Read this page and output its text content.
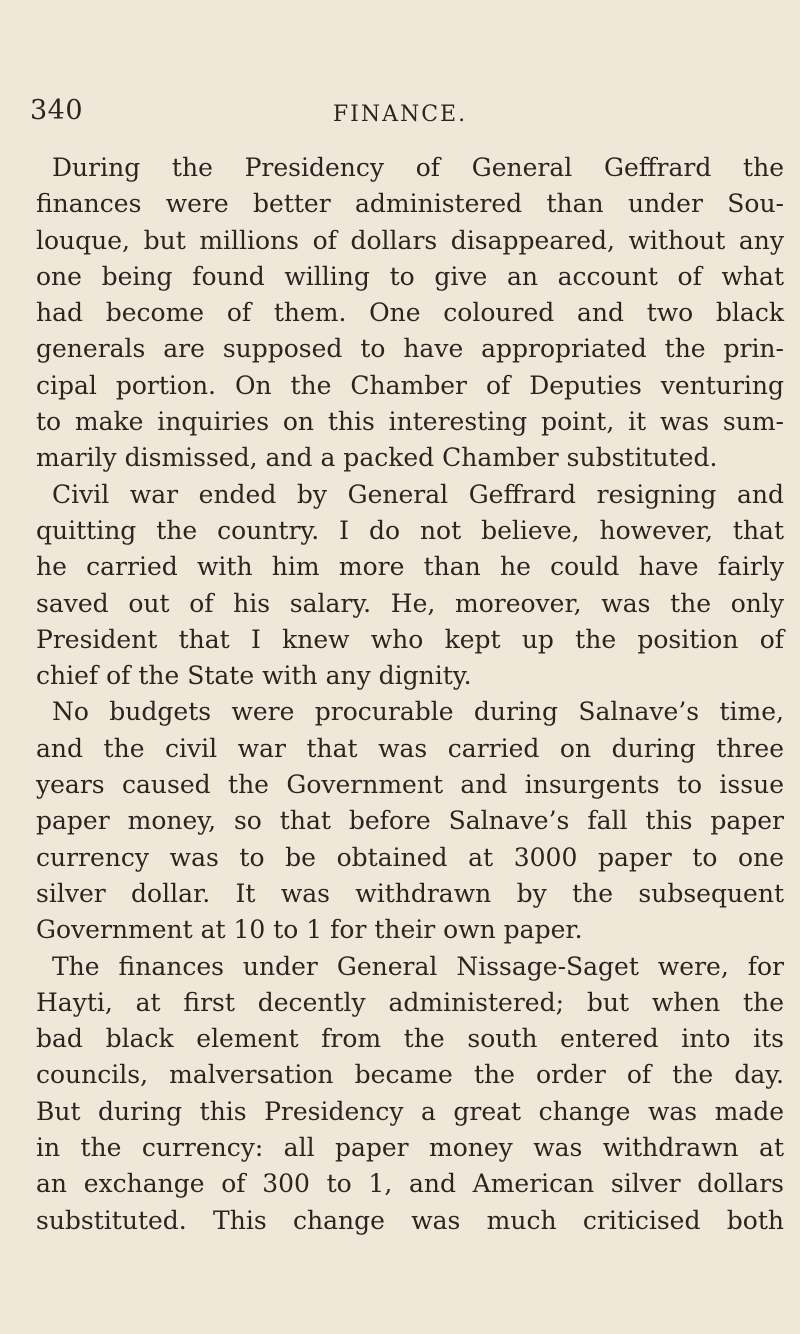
340	FINANCE.
During the Presidency of General Geffrard the
finances were better administered than under Sou-
louque, but millions of dollars disappeared, without any
one being found willing to give an account of what
had become of them. One coloured and two black
generals are supposed to have appropriated the prin-
cipal portion. On the Chamber of Deputies venturing
to make inquiries on this interesting point, it was sum-
marily dismissed, and a packed Chamber substituted.
Civil war ended by General Geffrard resigning and
quitting the country. I do not believe, however, that
he carried with him more than he could have fairly
saved out of his salary. He, moreover, was the only
President that I knew who kept up the position of
chief of the State with any dignity.
No budgets were procurable during Salnave’s time,
and the civil war that was carried on during three
years caused the Government and insurgents to issue
paper money, so that before Salnave’s fall this paper
currency was to be obtained at 3000 paper to one
silver dollar. It was withdrawn by the subsequent
Government at 10 to 1 for their own paper.
The finances under General Nissage-Saget were, for
Hayti, at first decently administered; but when the
bad black element from the south entered into its
councils, malversation became the order of the day.
But during this Presidency a great change was made
in the currency: all paper money was withdrawn at
an exchange of 300 to 1, and American silver dollars
substituted. This change was much criticised both
